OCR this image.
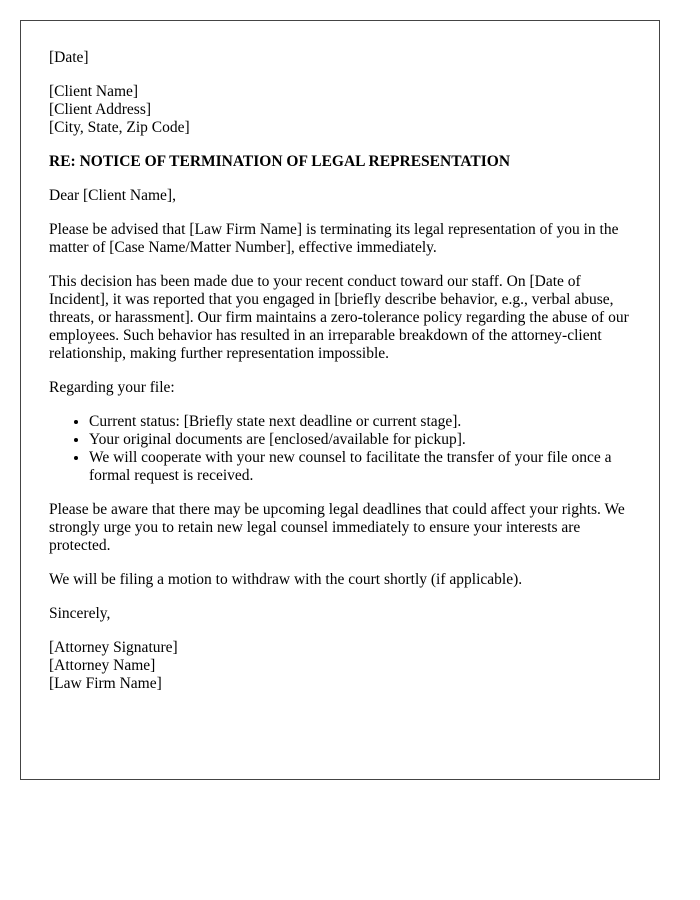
[Date]

[Client Name]
[Client Address]
[City, State, Zip Code]

RE: NOTICE OF TERMINATION OF LEGAL REPRESENTATION

Dear [Client Name],

Please be advised that [Law Firm Name] is terminating its legal representation of you in the matter of [Case Name/Matter Number], effective immediately.

This decision has been made due to your recent conduct toward our staff. On [Date of Incident], it was reported that you engaged in [briefly describe behavior, e.g., verbal abuse, threats, or harassment]. Our firm maintains a zero-tolerance policy regarding the abuse of our employees. Such behavior has resulted in an irreparable breakdown of the attorney-client relationship, making further representation impossible.

Regarding your file:

• Current status: [Briefly state next deadline or current stage].
• Your original documents are [enclosed/available for pickup].
• We will cooperate with your new counsel to facilitate the transfer of your file once a formal request is received.

Please be aware that there may be upcoming legal deadlines that could affect your rights. We strongly urge you to retain new legal counsel immediately to ensure your interests are protected.

We will be filing a motion to withdraw with the court shortly (if applicable).

Sincerely,

[Attorney Signature]
[Attorney Name]
[Law Firm Name]
